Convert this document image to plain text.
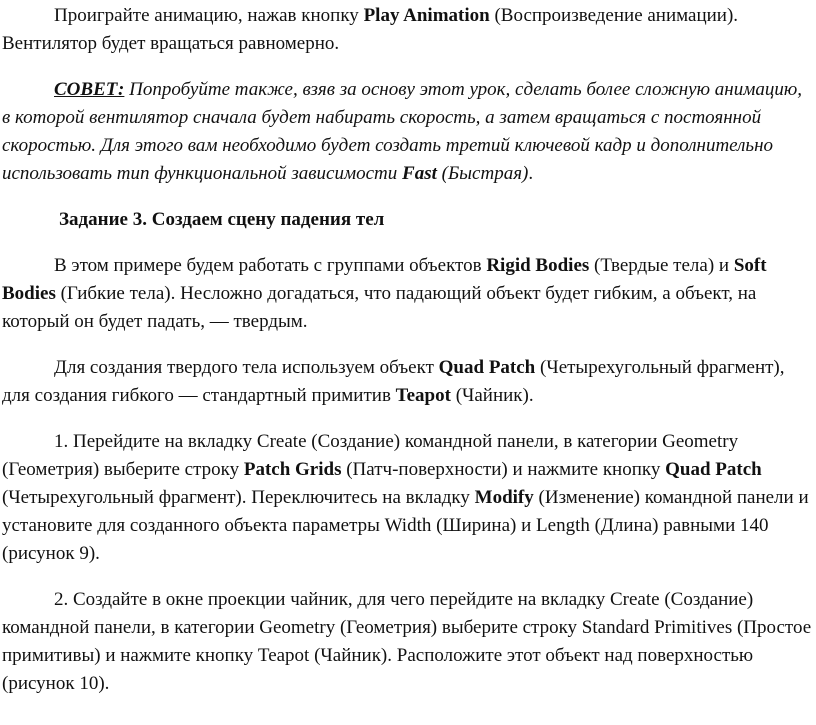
Проиграйте анимацию, нажав кнопку Play Animation (Воспроизведение анимации). Вентилятор будет вращаться равномерно.

СОВЕТ: Попробуйте также, взяв за основу этот урок, сделать более сложную анимацию, в которой вентилятор сначала будет набирать скорость, а затем вращаться с постоянной скоростью. Для этого вам необходимо будет создать третий ключевой кадр и дополнительно использовать тип функциональной зависимости Fast (Быстрая).

Задание 3. Создаем сцену падения тел

В этом примере будем работать с группами объектов Rigid Bodies (Твердые тела) и Soft Bodies (Гибкие тела). Несложно догадаться, что падающий объект будет гибким, а объект, на который он будет падать, — твердым.

Для создания твердого тела используем объект Quad Patch (Четырехугольный фрагмент), для создания гибкого — стандартный примитив Teapot (Чайник).

1. Перейдите на вкладку Create (Создание) командной панели, в категории Geometry (Геометрия) выберите строку Patch Grids (Патч-поверхности) и нажмите кнопку Quad Patch (Четырехугольный фрагмент). Переключитесь на вкладку Modify (Изменение) командной панели и установите для созданного объекта параметры Width (Ширина) и Length (Длина) равными 140 (рисунок 9).

2. Создайте в окне проекции чайник, для чего перейдите на вкладку Create (Создание) командной панели, в категории Geometry (Геометрия) выберите строку Standard Primitives (Простое примитивы) и нажмите кнопку Teapot (Чайник). Расположите этот объект над поверхностью (рисунок 10).
